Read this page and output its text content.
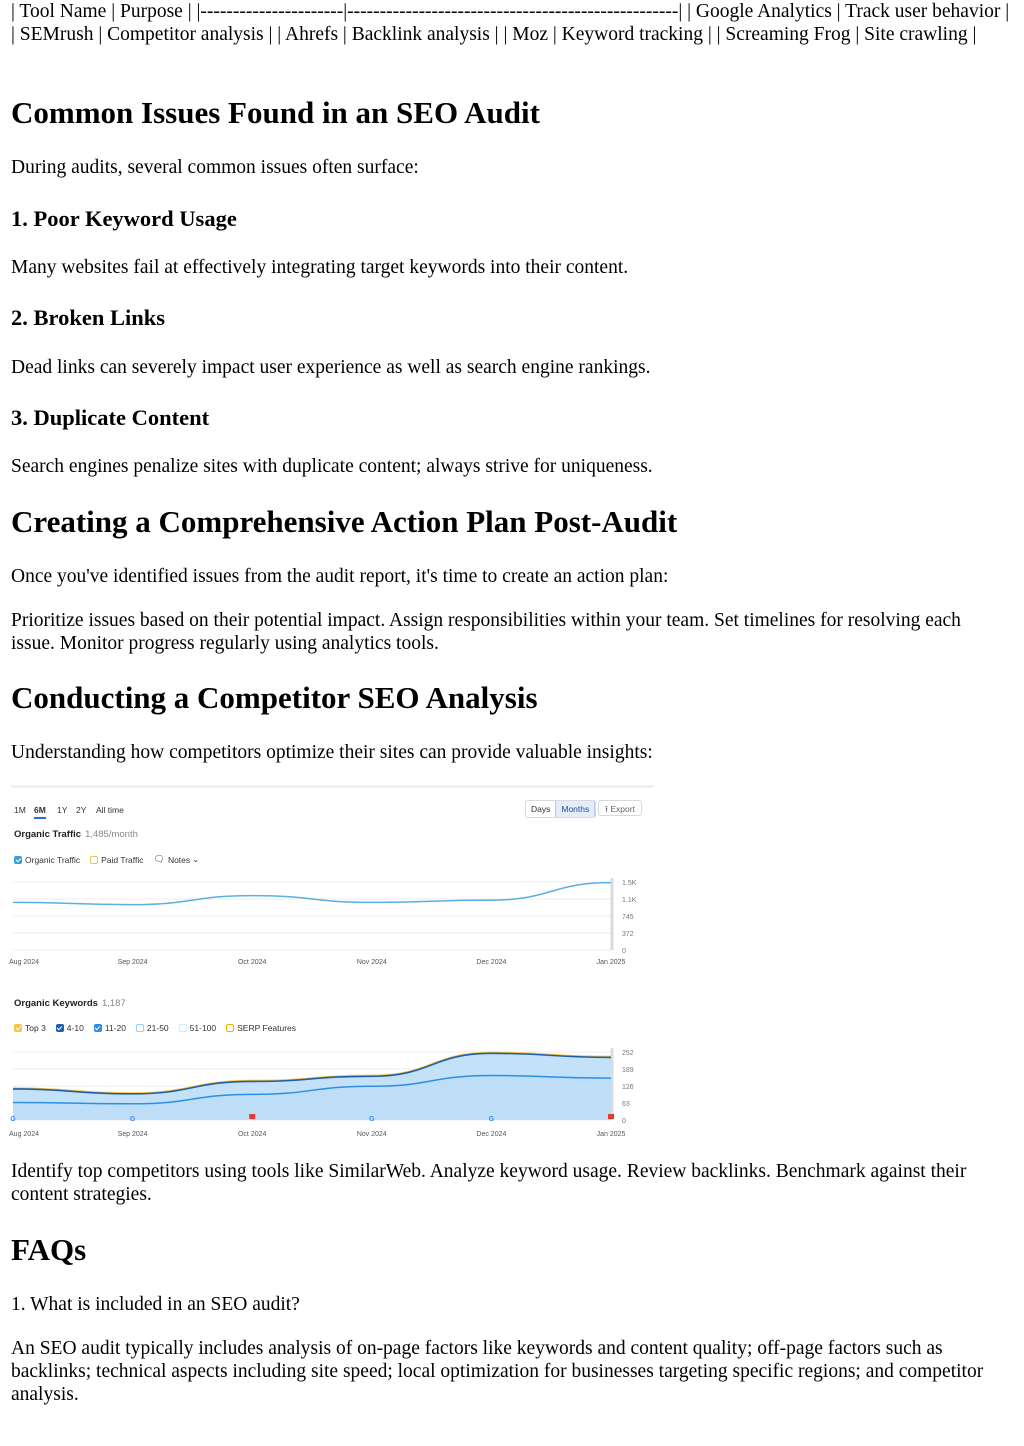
| Tool Name | Purpose | |----------------------|---------------------------------------------------| | Google Analytics | Track user behavior | | SEMrush | Competitor analysis | | Ahrefs | Backlink analysis | | Moz | Keyword tracking | | Screaming Frog | Site crawling |

Common Issues Found in an SEO Audit

During audits, several common issues often surface:

1. Poor Keyword Usage

Many websites fail at effectively integrating target keywords into their content.

2. Broken Links

Dead links can severely impact user experience as well as search engine rankings.

3. Duplicate Content

Search engines penalize sites with duplicate content; always strive for uniqueness.

Creating a Comprehensive Action Plan Post-Audit

Once you've identified issues from the audit report, it's time to create an action plan:

Prioritize issues based on their potential impact. Assign responsibilities within your team. Set timelines for resolving each issue. Monitor progress regularly using analytics tools.

Conducting a Competitor SEO Analysis

Understanding how competitors optimize their sites can provide valuable insights:

1M 6M 1Y 2Y All time	Days	Months	⭱ Export
Organic Traffic 1,485/month
Organic Traffic Paid Traffic 🗨 Notes ⌄
1.5K
1.1K
745
372
0
Aug 2024	Sep 2024	Oct 2024	Nov 2024	Dec 2024	Jan 2025
Organic Keywords 1,187
Top 3 4-10 11-20 21-50 51-100 SERP Features
252
189
126
63
0
Aug 2024	Sep 2024	Oct 2024	Nov 2024	Dec 2024	Jan 2025
G	G	G	G

Identify top competitors using tools like SimilarWeb. Analyze keyword usage. Review backlinks. Benchmark against their content strategies.

FAQs

1. What is included in an SEO audit?

An SEO audit typically includes analysis of on-page factors like keywords and content quality; off-page factors such as backlinks; technical aspects including site speed; local optimization for businesses targeting specific regions; and competitor analysis.
